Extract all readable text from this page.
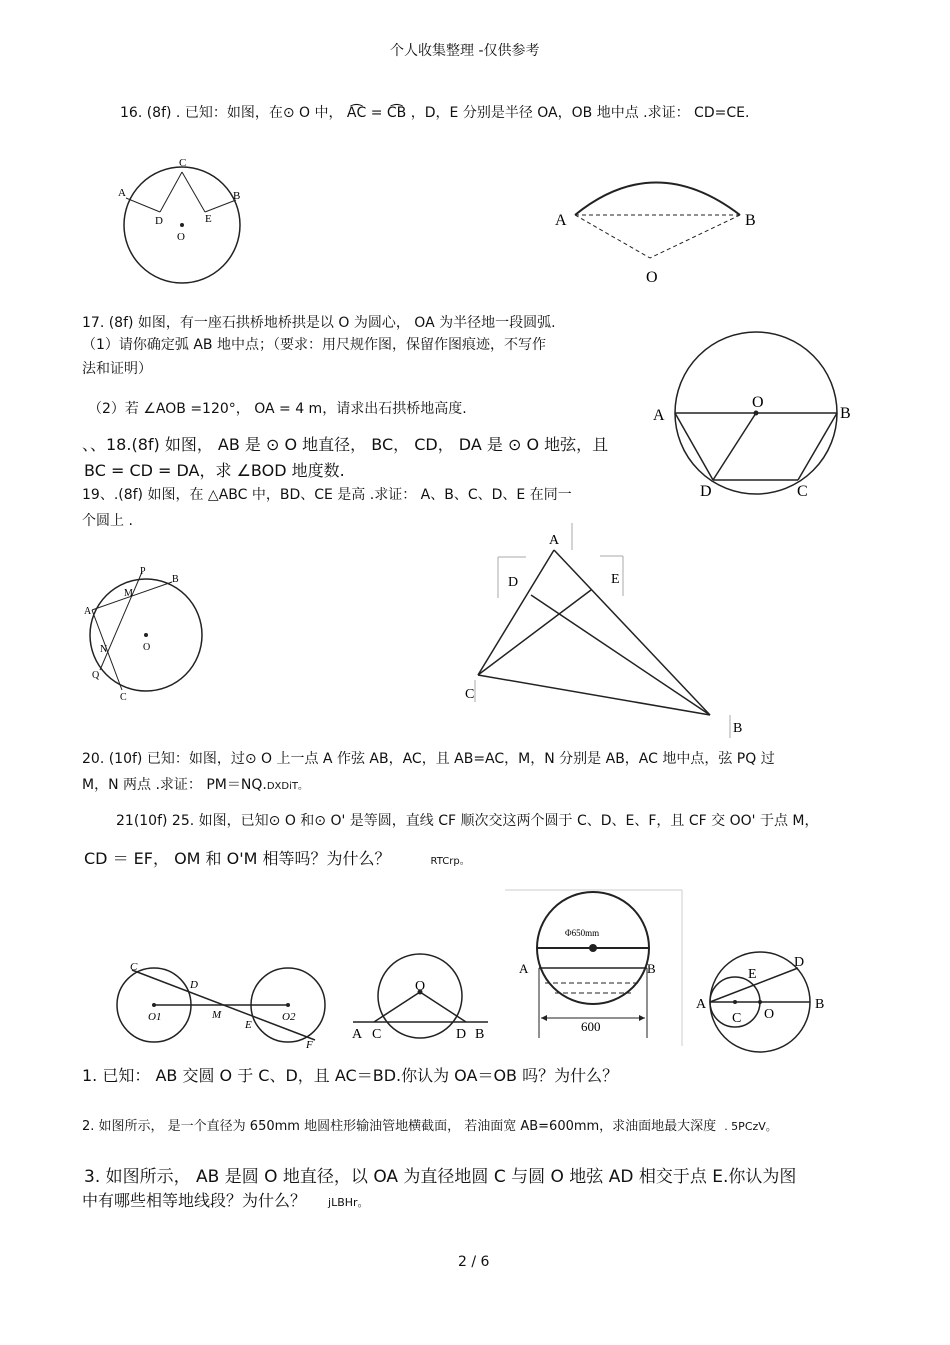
个人收集整理 -仅供参考
16. (8f) . 已知：如图，在⊙ O 中， A͡C = C͡B ，D，E 分别是半径 OA，OB 地中点 .求证： CD=CE.
C
A	B
D	E
O
A	B
O
17. (8f) 如图，有一座石拱桥地桥拱是以 O 为圆心， OA 为半径地一段圆弧.
（1）请你确定弧 AB 地中点；（要求：用尺规作图，保留作图痕迹，不写作
法和证明）
（2）若 ∠AOB =120°， OA = 4 m，请求出石拱桥地高度.	O
A	B
D	C
、、18.(8f) 如图， AB 是 ⊙ O 地直径， BC， CD， DA 是 ⊙ O 地弦，且
BC = CD = DA，求 ∠BOD 地度数.
19、.(8f) 如图，在 △ABC 中，BD、CE 是高 .求证： A、B、C、D、E 在同一
个圆上 .
P
B
A
M
N
Q
C
O
A
D	E
C
B
20. (10f) 已知：如图，过⊙ O 上一点 A 作弦 AB，AC，且 AB=AC，M，N 分别是 AB，AC 地中点，弦 PQ 过
M，N 两点 .求证： PM＝NQ.DXDiT。
21(10f) 25. 如图，已知⊙ O 和⊙ O' 是等圆，直线 CF 顺次交这两个圆于 C、D、E、F，且 CF 交 OO' 于点 M，
CD ＝ EF， OM 和 O'M 相等吗？为什么？	RTCrp。
C
D
O1	M
E
O2
F
O
A C	D B
Φ650mm
A	B
600
E
D
A	B
C O
1. 已知： AB 交圆 O 于 C、D，且 AC＝BD.你认为 OA＝OB 吗？为什么？
2. 如图所示， 是一个直径为 650mm 地圆柱形输油管地横截面， 若油面宽 AB=600mm，求油面地最大深度 . 5PCzV。
3. 如图所示， AB 是圆 O 地直径，以 OA 为直径地圆 C 与圆 O 地弦 AD 相交于点 E.你认为图
中有哪些相等地线段？为什么？ jLBHr。
2 / 6
